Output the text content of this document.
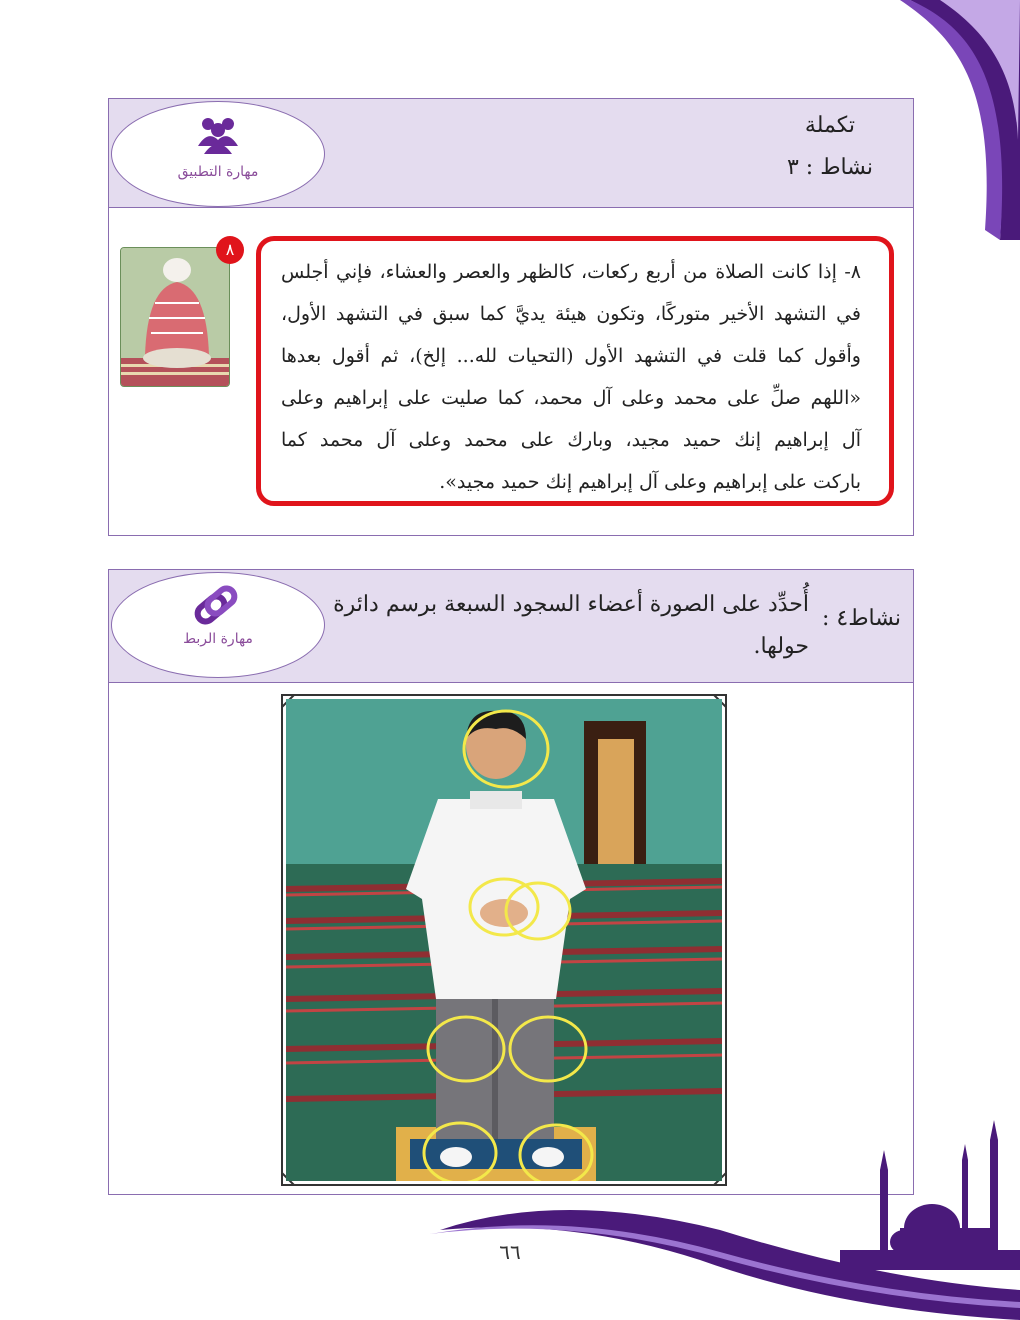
تكملة
نشاط : ٣
مهارة التطبيق
٨
٨- إذا كانت الصلاة من أربع ركعات، كالظهر والعصر والعشاء، فإني أجلس
في التشهد الأخير متوركًا، وتكون هيئة يديَّ كما سبق في التشهد الأول،
وأقول كما قلت في التشهد الأول (التحيات لله... إلخ)، ثم أقول بعدها
«اللهم صلِّ على محمد وعلى آل محمد، كما صليت على إبراهيم وعلى
آل إبراهيم إنك حميد مجيد، وبارك على محمد وعلى آل محمد كما
باركت على إبراهيم وعلى آل إبراهيم إنك حميد مجيد».
نشاط٤ :
أُحدِّد على الصورة أعضاء السجود السبعة برسم دائرة
حولها.
مهارة الربط
٦٦
